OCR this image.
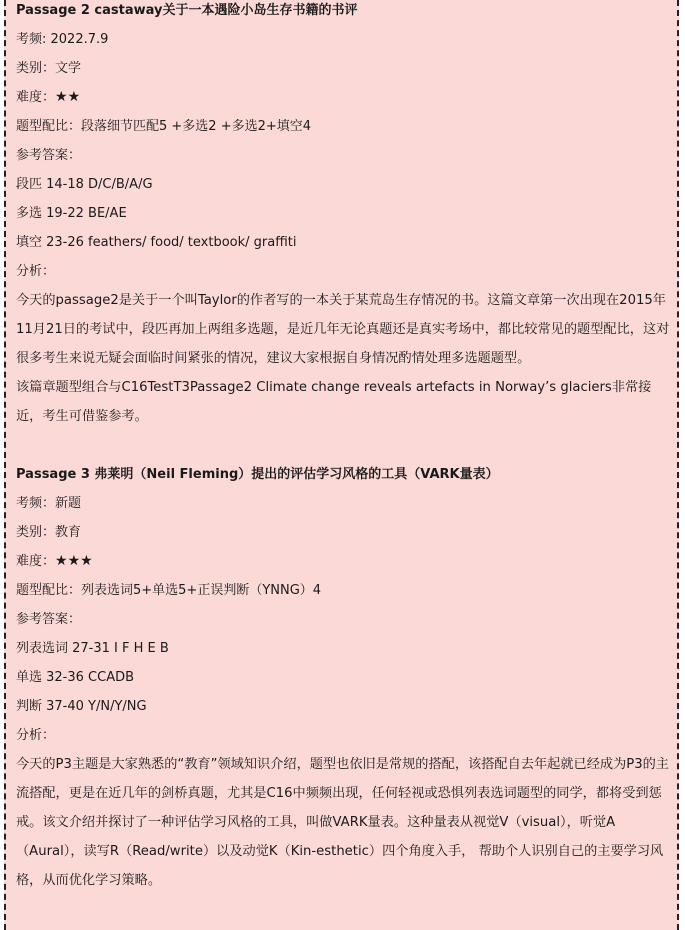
Passage 2 castaway关于一本遇险小岛生存书籍的书评
考频: 2022.7.9
类别：文学
难度：★★
题型配比：段落细节匹配5 +多选2 +多选2+填空4
参考答案：
段匹 14-18 D/C/B/A/G
多选 19-22 BE/AE
填空 23-26 feathers/ food/ textbook/ graffiti
分析：
今天的passage2是关于一个叫Taylor的作者写的一本关于某荒岛生存情况的书。这篇文章第一次出现在2015年11月21日的考试中，段匹再加上两组多选题，是近几年无论真题还是真实考场中，都比较常见的题型配比，这对很多考生来说无疑会面临时间紧张的情况，建议大家根据自身情况酌情处理多选题题型。
该篇章题型组合与C16TestT3Passage2 Climate change reveals artefacts in Norway’s glaciers非常接近，考生可借鉴参考。
Passage 3 弗莱明（Neil Fleming）提出的评估学习风格的工具（VARK量表）
考频：新题
类别：教育
难度：★★★
题型配比：列表选词5+单选5+正误判断（YNNG）4
参考答案：
列表选词 27-31 I F H E B
单选 32-36 CCADB
判断 37-40 Y/N/Y/NG
分析：
今天的P3主题是大家熟悉的“教育”领域知识介绍，题型也依旧是常规的搭配，该搭配自去年起就已经成为P3的主流搭配，更是在近几年的剑桥真题，尤其是C16中频频出现，任何轻视或恐惧列表选词题型的同学，都将受到惩戒。该文介绍并探讨了一种评估学习风格的工具，叫做VARK量表。这种量表从视觉V（visual），听觉A（Aural），读写R（Read/write）以及动觉K（Kin-esthetic）四个角度入手， 帮助个人识别自己的主要学习风格，从而优化学习策略。
